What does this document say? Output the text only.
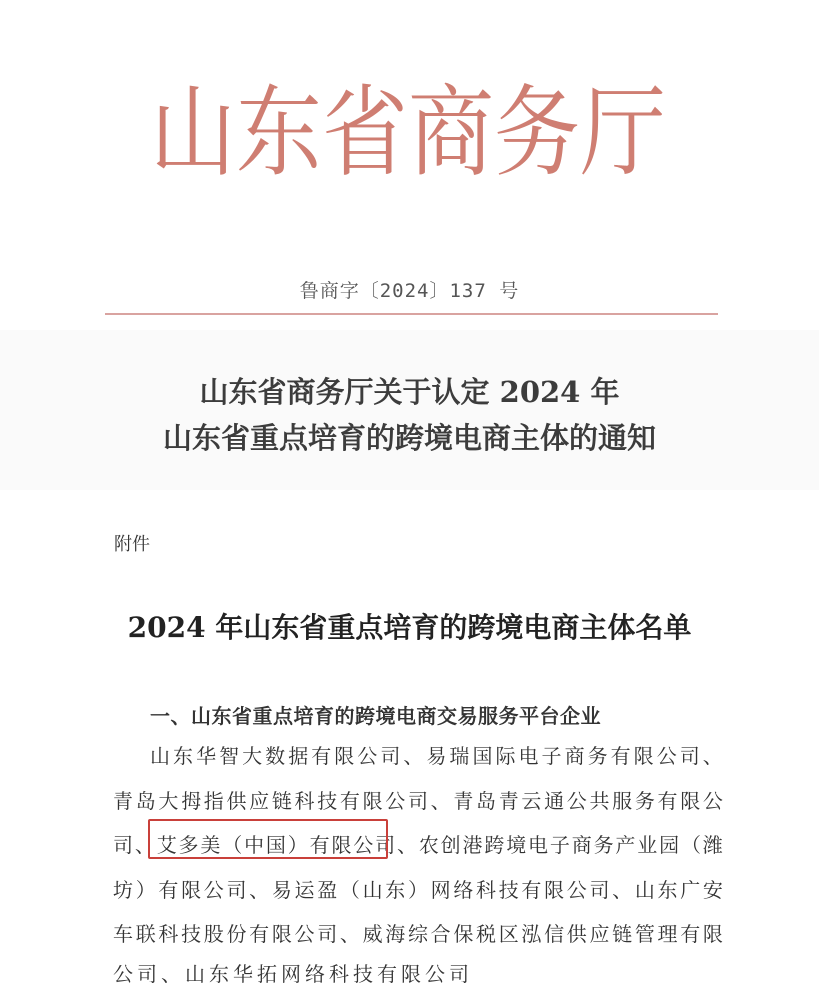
山 东 省 商 务 厅
鲁商字〔2024〕137 号
山东省商务厅关于认定 2024 年
山东省重点培育的跨境电商主体的通知
附件
2024 年山东省重点培育的跨境电商主体名单
一、山东省重点培育的跨境电商交易服务平台企业
山 东 华 智 大 数 据 有 限 公 司 、 易 瑞 国 际 电 子 商 务 有 限 公 司 、
青 岛 大 拇 指 供 应 链 科 技 有 限 公 司 、 青 岛 青 云 通 公 共 服 务 有 限 公
司 、 艾 多 美 （ 中 国 ） 有 限 公 司 、 农 创 港 跨 境 电 子 商 务 产 业 园 （ 潍
坊 ） 有 限 公 司 、 易 运 盈 （ 山 东 ） 网 络 科 技 有 限 公 司 、 山 东 广 安
车 联 科 技 股 份 有 限 公 司 、 威 海 综 合 保 税 区 泓 信 供 应 链 管 理 有 限
公司、山东华拓网络科技有限公司
